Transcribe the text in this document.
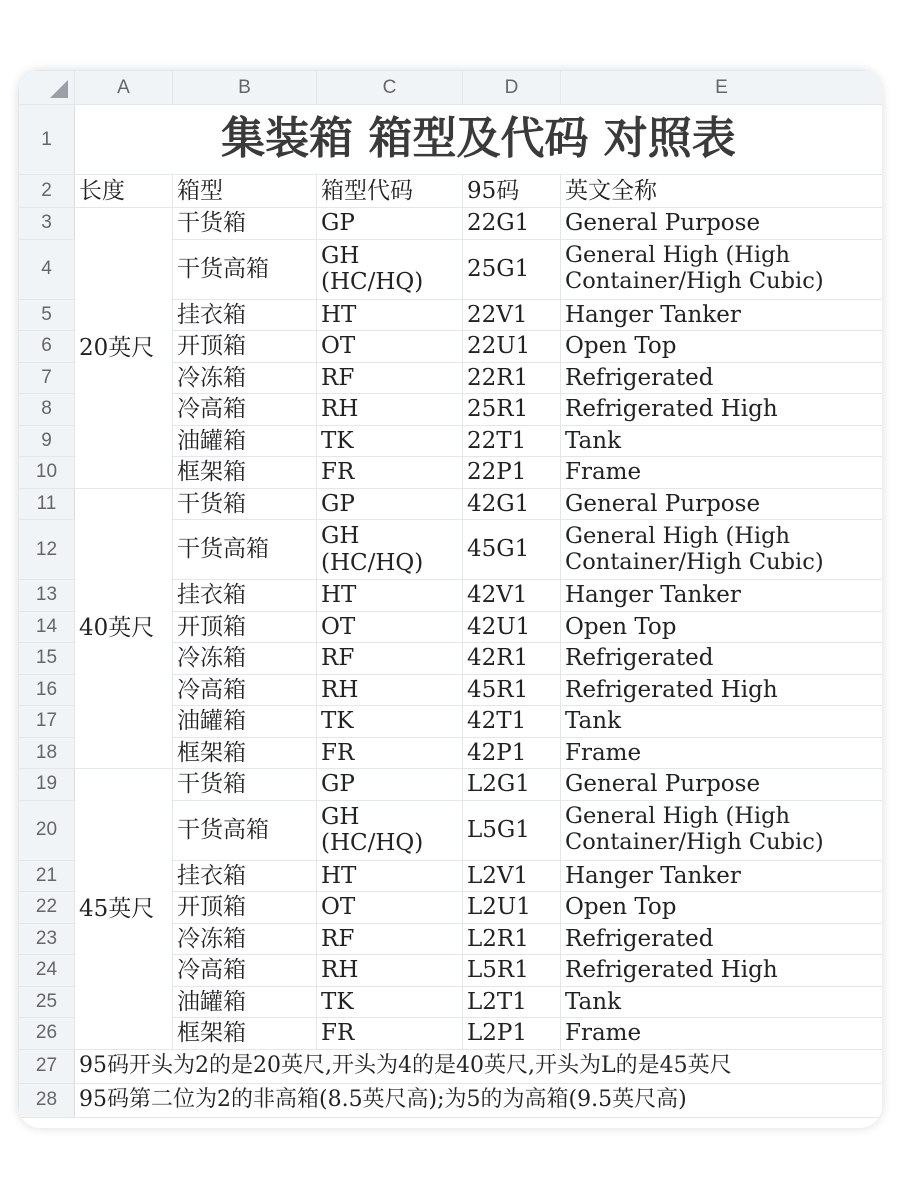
	A	B	C	D	E
1	集装箱 箱型及代码 对照表				
2	长度	箱型	箱型代码	95码	英文全称
3	20英尺	干货箱	GP	22G1	General Purpose
4		干货高箱	GH (HC/HQ)	25G1	General High (High Container/High Cubic)
5		挂衣箱	HT	22V1	Hanger Tanker
6		开顶箱	OT	22U1	Open Top
7		冷冻箱	RF	22R1	Refrigerated
8		冷高箱	RH	25R1	Refrigerated High
9		油罐箱	TK	22T1	Tank
10		框架箱	FR	22P1	Frame
11	40英尺	干货箱	GP	42G1	General Purpose
12		干货高箱	GH (HC/HQ)	45G1	General High (High Container/High Cubic)
13		挂衣箱	HT	42V1	Hanger Tanker
14		开顶箱	OT	42U1	Open Top
15		冷冻箱	RF	42R1	Refrigerated
16		冷高箱	RH	45R1	Refrigerated High
17		油罐箱	TK	42T1	Tank
18		框架箱	FR	42P1	Frame
19	45英尺	干货箱	GP	L2G1	General Purpose
20		干货高箱	GH (HC/HQ)	L5G1	General High (High Container/High Cubic)
21		挂衣箱	HT	L2V1	Hanger Tanker
22		开顶箱	OT	L2U1	Open Top
23		冷冻箱	RF	L2R1	Refrigerated
24		冷高箱	RH	L5R1	Refrigerated High
25		油罐箱	TK	L2T1	Tank
26		框架箱	FR	L2P1	Frame
27	95码开头为2的是20英尺,开头为4的是40英尺,开头为L的是45英尺				
28	95码第二位为2的非高箱(8.5英尺高);为5的为高箱(9.5英尺高)				
